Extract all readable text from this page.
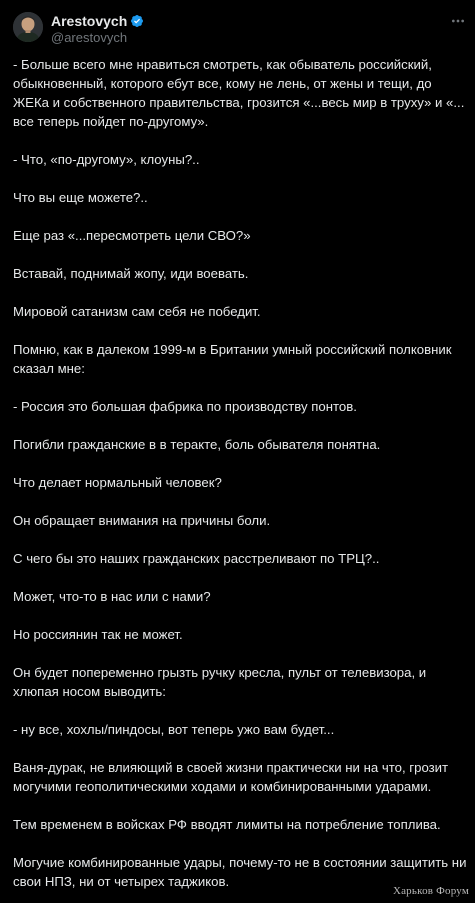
Arestovych
@arestovych

- Больше всего мне нравиться смотреть, как обыватель российский, обыкновенный, которого ебут все, кому не лень, от жены и тещи, до ЖЕКа и собственного правительства, грозится «...весь мир в труху» и «... все теперь пойдет по-другому».

- Что, «по-другому», клоуны?..

Что вы еще можете?..

Еще раз «...пересмотреть цели СВО?»

Вставай, поднимай жопу, иди воевать.

Мировой сатанизм сам себя не победит.

Помню, как в далеком 1999-м в Британии умный российский полковник сказал мне:

- Россия это большая фабрика по производству понтов.

Погибли гражданские в в теракте, боль обывателя понятна.

Что делает нормальный человек?

Он обращает внимания на причины боли.

С чего бы это наших гражданских расстреливают по ТРЦ?..

Может, что-то в нас или с нами?

Но россиянин так не может.

Он будет попеременно грызть ручку кресла, пульт от телевизора, и хлюпая носом выводить:

- ну все, хохлы/пиндосы, вот теперь ужо вам будет...

Ваня-дурак, не влияющий в своей жизни практически ни на что, грозит могучими геополитическими ходами и комбинированными ударами.

Тем временем в войсках РФ вводят лимиты на потребление топлива.

Могучие комбинированные удары, почему-то не в состоянии защитить ни свои НПЗ, ни от четырех таджиков.

Харьков Форум
